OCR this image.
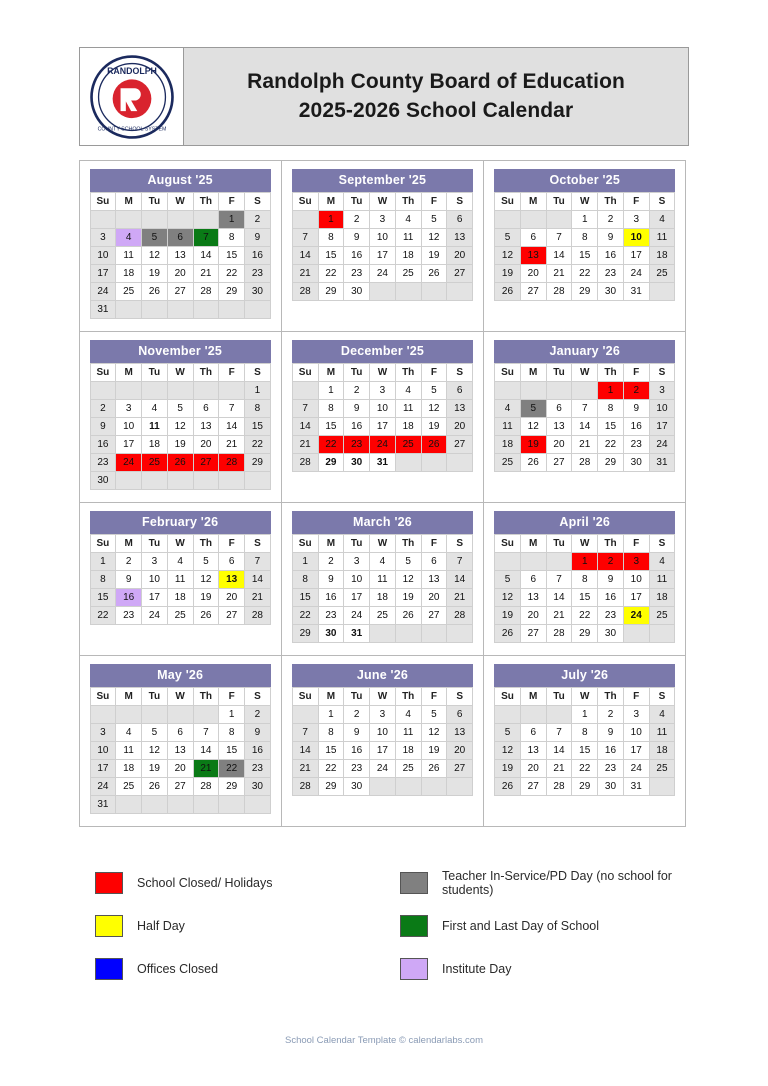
RANDOLPH
COUNTY SCHOOL SYSTEM
Randolph County Board of Education
2025-2026 School Calendar
August '25
Su	M	Tu	W	Th	F	S
					1	2
3	4	5	6	7	8	9
10	11	12	13	14	15	16
17	18	19	20	21	22	23
24	25	26	27	28	29	30
31						
September '25
Su	M	Tu	W	Th	F	S
	1	2	3	4	5	6
7	8	9	10	11	12	13
14	15	16	17	18	19	20
21	22	23	24	25	26	27
28	29	30				
October '25
Su	M	Tu	W	Th	F	S
			1	2	3	4
5	6	7	8	9	10	11
12	13	14	15	16	17	18
19	20	21	22	23	24	25
26	27	28	29	30	31	
November '25
Su	M	Tu	W	Th	F	S
						1
2	3	4	5	6	7	8
9	10	11	12	13	14	15
16	17	18	19	20	21	22
23	24	25	26	27	28	29
30						
December '25
Su	M	Tu	W	Th	F	S
	1	2	3	4	5	6
7	8	9	10	11	12	13
14	15	16	17	18	19	20
21	22	23	24	25	26	27
28	29	30	31			
January '26
Su	M	Tu	W	Th	F	S
				1	2	3
4	5	6	7	8	9	10
11	12	13	14	15	16	17
18	19	20	21	22	23	24
25	26	27	28	29	30	31
February '26
Su	M	Tu	W	Th	F	S
1	2	3	4	5	6	7
8	9	10	11	12	13	14
15	16	17	18	19	20	21
22	23	24	25	26	27	28
March '26
Su	M	Tu	W	Th	F	S
1	2	3	4	5	6	7
8	9	10	11	12	13	14
15	16	17	18	19	20	21
22	23	24	25	26	27	28
29	30	31				
April '26
Su	M	Tu	W	Th	F	S
			1	2	3	4
5	6	7	8	9	10	11
12	13	14	15	16	17	18
19	20	21	22	23	24	25
26	27	28	29	30		
May '26
Su	M	Tu	W	Th	F	S
					1	2
3	4	5	6	7	8	9
10	11	12	13	14	15	16
17	18	19	20	21	22	23
24	25	26	27	28	29	30
31						
June '26
Su	M	Tu	W	Th	F	S
	1	2	3	4	5	6
7	8	9	10	11	12	13
14	15	16	17	18	19	20
21	22	23	24	25	26	27
28	29	30				
July '26
Su	M	Tu	W	Th	F	S
			1	2	3	4
5	6	7	8	9	10	11
12	13	14	15	16	17	18
19	20	21	22	23	24	25
26	27	28	29	30	31	
School Closed/ Holidays	Teacher In-Service/PD Day (no school for students)
Half Day	First and Last Day of School
Offices Closed	Institute Day
School Calendar Template © calendarlabs.com
